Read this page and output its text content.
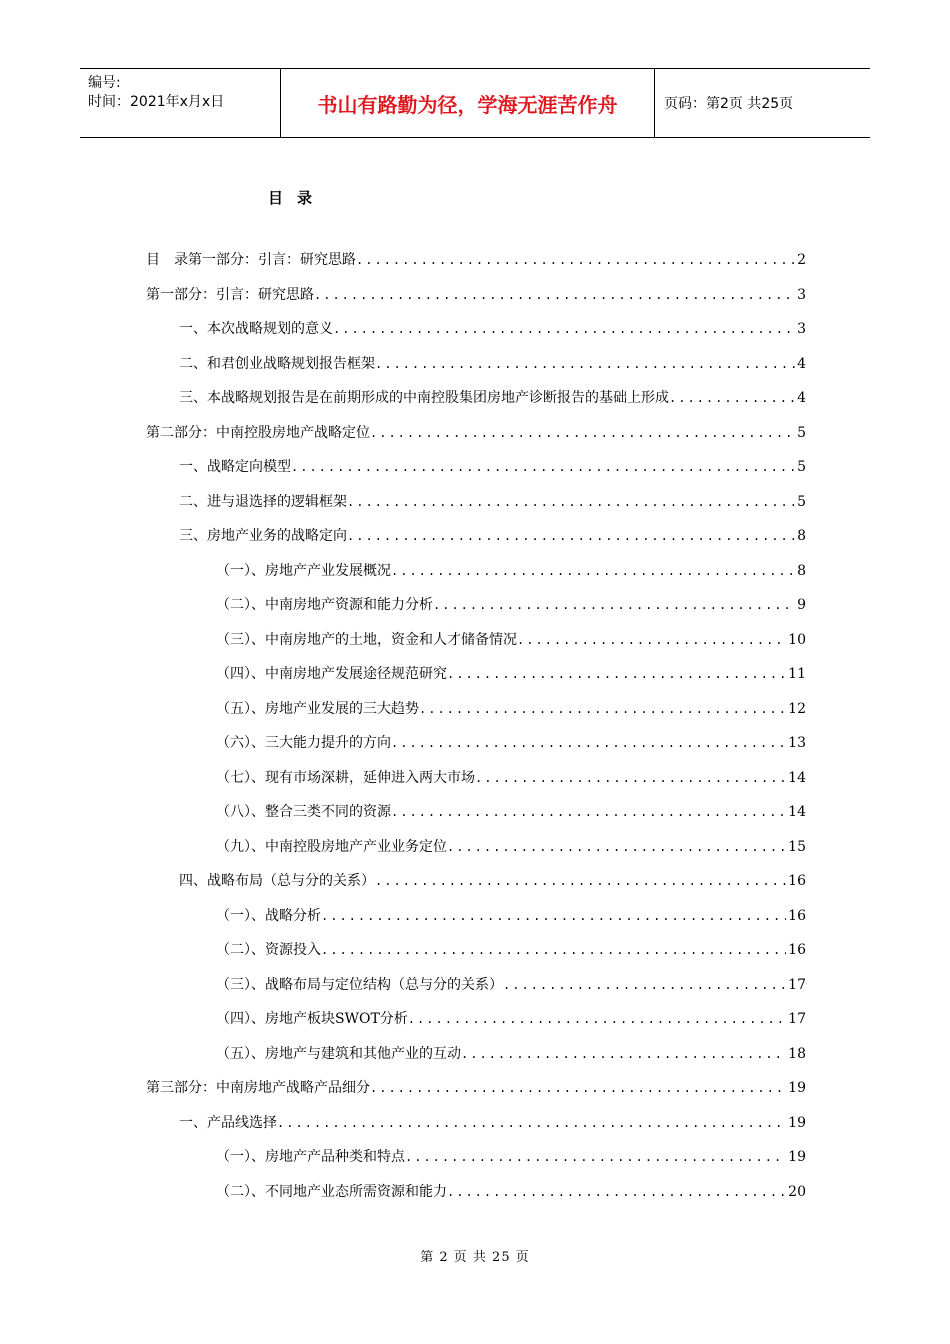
编号:
时间：2021年x月x日	书山有路勤为径，学海无涯苦作舟	页码：第2页 共25页
目录
目　录第一部分：引言：研究思路 .....	2
第一部分：引言：研究思路 .....	3
一、本次战略规划的意义 .....	3
二、和君创业战略规划报告框架 .....	4
三、本战略规划报告是在前期形成的中南控股集团房地产诊断报告的基础上形成 .....	4
第二部分：中南控股房地产战略定位 .....	5
一、战略定向模型 .....	5
二、进与退选择的逻辑框架 .....	5
三、房地产业务的战略定向 .....	8
（一）、房地产产业发展概况 .....	8
（二）、中南房地产资源和能力分析 .....	9
（三）、中南房地产的土地，资金和人才储备情况 .....	10
（四）、中南房地产发展途径规范研究 .....	11
（五）、房地产业发展的三大趋势 .....	12
（六）、三大能力提升的方向 .....	13
（七）、现有市场深耕，延伸进入两大市场 .....	14
（八）、整合三类不同的资源 .....	14
（九）、中南控股房地产产业业务定位 .....	15
四、战略布局（总与分的关系） .....	16
（一）、战略分析 .....	16
（二）、资源投入 .....	16
（三）、战略布局与定位结构（总与分的关系） .....	17
（四）、房地产板块SWOT分析 .....	17
（五）、房地产与建筑和其他产业的互动 .....	18
第三部分：中南房地产战略产品细分 .....	19
一、产品线选择 .....	19
（一）、房地产产品种类和特点 .....	19
（二）、不同地产业态所需资源和能力 .....	20
第 2 页 共 25 页
